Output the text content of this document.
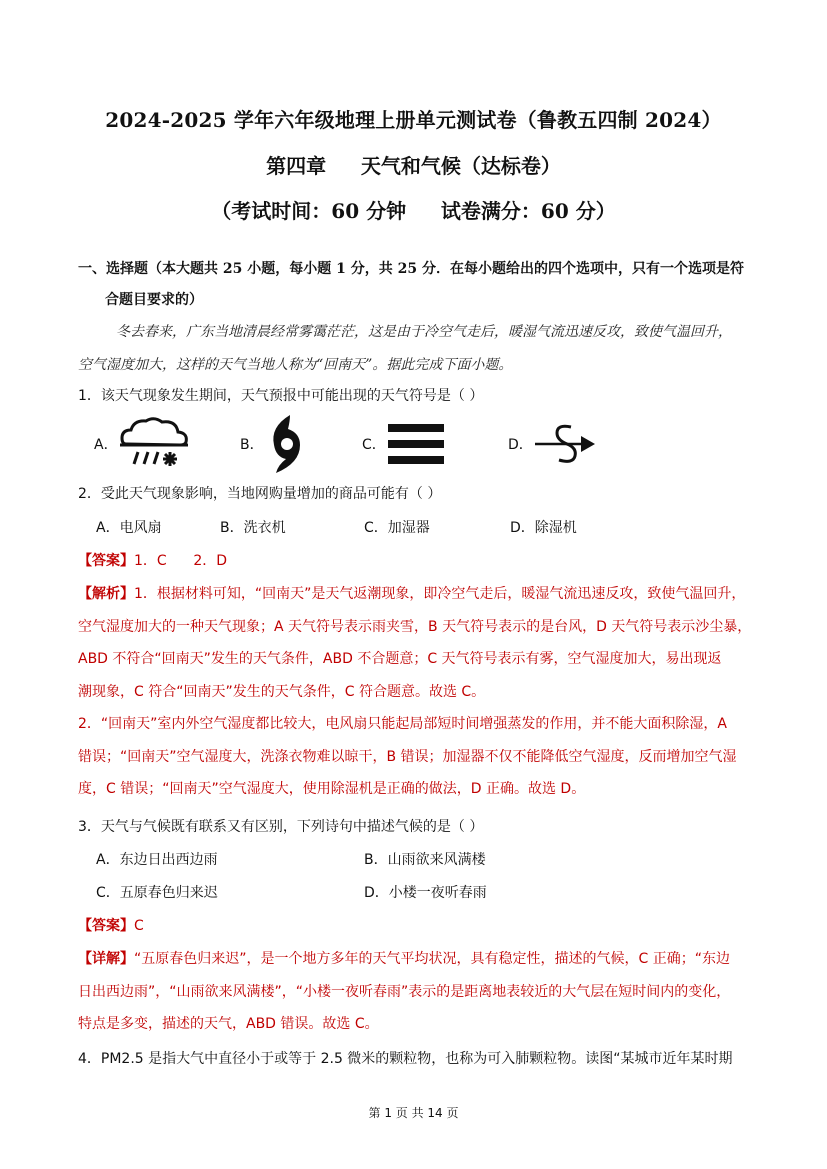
2024-2025 学年六年级地理上册单元测试卷（鲁教五四制 2024）
第四章     天气和气候（达标卷）
（考试时间：60 分钟     试卷满分：60 分）
一、选择题（本大题共 25 小题，每小题 1 分，共 25 分．在每小题给出的四个选项中，只有一个选项是符
合题目要求的）
冬去春来，广东当地清晨经常雾霭茫茫，这是由于冷空气走后，暖湿气流迅速反攻，致使气温回升，
空气湿度加大，这样的天气当地人称为“回南天”。据此完成下面小题。
1．该天气现象发生期间，天气预报中可能出现的天气符号是（ ）
A．	B．	C．	D．
2．受此天气现象影响，当地网购量增加的商品可能有（ ）
A．电风扇	B．洗衣机	C．加湿器	D．除湿机
【答案】1．C      2．D
【解析】1．根据材料可知，“回南天”是天气返潮现象，即冷空气走后，暖湿气流迅速反攻，致使气温回升，
空气湿度加大的一种天气现象；A 天气符号表示雨夹雪，B 天气符号表示的是台风，D 天气符号表示沙尘暴，
ABD 不符合“回南天”发生的天气条件，ABD 不合题意；C 天气符号表示有雾，空气湿度加大，易出现返
潮现象，C 符合“回南天”发生的天气条件，C 符合题意。故选 C。
2．“回南天”室内外空气湿度都比较大，电风扇只能起局部短时间增强蒸发的作用，并不能大面积除湿，A
错误；“回南天”空气湿度大，洗涤衣物难以晾干，B 错误；加湿器不仅不能降低空气湿度，反而增加空气湿
度，C 错误；“回南天”空气湿度大，使用除湿机是正确的做法，D 正确。故选 D。
3．天气与气候既有联系又有区别，下列诗句中描述气候的是（ ）
A．东边日出西边雨	B．山雨欲来风满楼
C．五原春色归来迟	D．小楼一夜听春雨
【答案】C
【详解】“五原春色归来迟”，是一个地方多年的天气平均状况，具有稳定性，描述的气候，C 正确；“东边
日出西边雨”，“山雨欲来风满楼”，“小楼一夜听春雨”表示的是距离地表较近的大气层在短时间内的变化，
特点是多变，描述的天气，ABD 错误。故选 C。
4．PM2.5 是指大气中直径小于或等于 2.5 微米的颗粒物，也称为可入肺颗粒物。读图“某城市近年某时期
第 1 页 共 14 页
